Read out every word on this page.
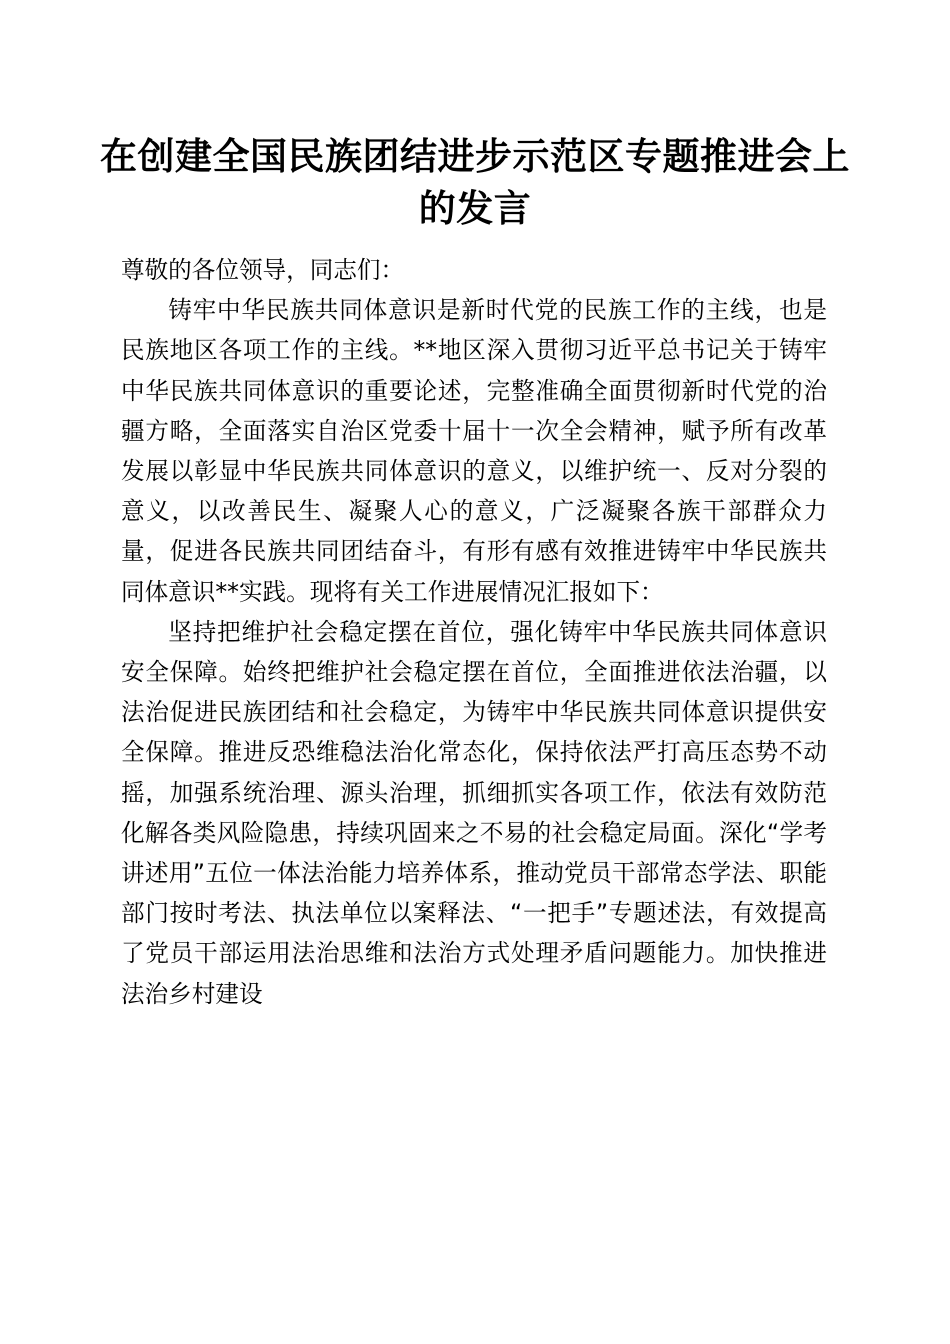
在创建全国民族团结进步示范区专题推进会上的发言

尊敬的各位领导，同志们：

铸牢中华民族共同体意识是新时代党的民族工作的主线，也是民族地区各项工作的主线。**地区深入贯彻习近平总书记关于铸牢中华民族共同体意识的重要论述，完整准确全面贯彻新时代党的治疆方略，全面落实自治区党委十届十一次全会精神，赋予所有改革发展以彰显中华民族共同体意识的意义，以维护统一、反对分裂的意义，以改善民生、凝聚人心的意义，广泛凝聚各族干部群众力量，促进各民族共同团结奋斗，有形有感有效推进铸牢中华民族共同体意识**实践。现将有关工作进展情况汇报如下：

坚持把维护社会稳定摆在首位，强化铸牢中华民族共同体意识安全保障。始终把维护社会稳定摆在首位，全面推进依法治疆，以法治促进民族团结和社会稳定，为铸牢中华民族共同体意识提供安全保障。推进反恐维稳法治化常态化，保持依法严打高压态势不动摇，加强系统治理、源头治理，抓细抓实各项工作，依法有效防范化解各类风险隐患，持续巩固来之不易的社会稳定局面。深化“学考讲述用”五位一体法治能力培养体系，推动党员干部常态学法、职能部门按时考法、执法单位以案释法、“一把手”专题述法，有效提高了党员干部运用法治思维和法治方式处理矛盾问题能力。加快推进法治乡村建设
